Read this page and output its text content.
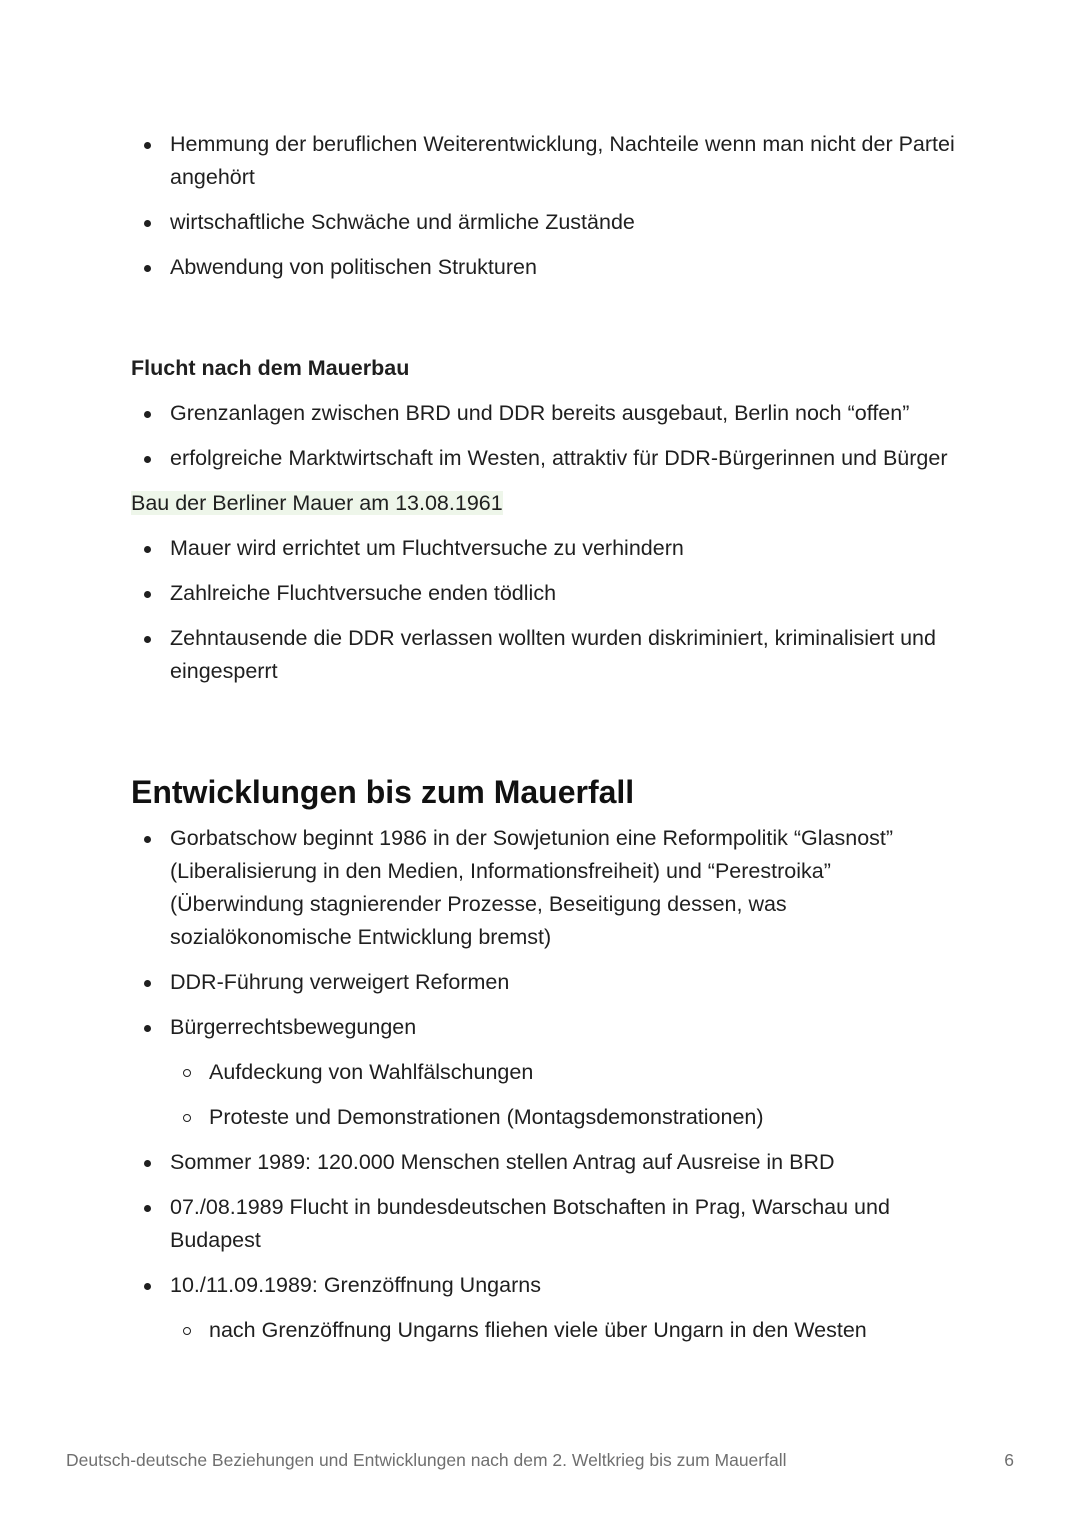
Hemmung der beruflichen Weiterentwicklung, Nachteile wenn man nicht der Partei angehört
wirtschaftliche Schwäche und ärmliche Zustände
Abwendung von politischen Strukturen
Flucht nach dem Mauerbau
Grenzanlagen zwischen BRD und DDR bereits ausgebaut, Berlin noch “offen”
erfolgreiche Marktwirtschaft im Westen, attraktiv für DDR-Bürgerinnen und Bürger
Bau der Berliner Mauer am 13.08.1961
Mauer wird errichtet um Fluchtversuche zu verhindern
Zahlreiche Fluchtversuche enden tödlich
Zehntausende die DDR verlassen wollten wurden diskriminiert, kriminalisiert und eingesperrt
Entwicklungen bis zum Mauerfall
Gorbatschow beginnt 1986 in der Sowjetunion eine Reformpolitik “Glasnost” (Liberalisierung in den Medien, Informationsfreiheit) und “Perestroika” (Überwindung stagnierender Prozesse, Beseitigung dessen, was sozialökonomische Entwicklung bremst)
DDR-Führung verweigert Reformen
Bürgerrechtsbewegungen
Aufdeckung von Wahlfälschungen
Proteste und Demonstrationen (Montagsdemonstrationen)
Sommer 1989: 120.000 Menschen stellen Antrag auf Ausreise in BRD
07./08.1989 Flucht in bundesdeutschen Botschaften in Prag, Warschau und Budapest
10./11.09.1989: Grenzöffnung Ungarns
nach Grenzöffnung Ungarns fliehen viele über Ungarn in den Westen
Deutsch-deutsche Beziehungen und Entwicklungen nach dem 2. Weltkrieg bis zum Mauerfall	6
